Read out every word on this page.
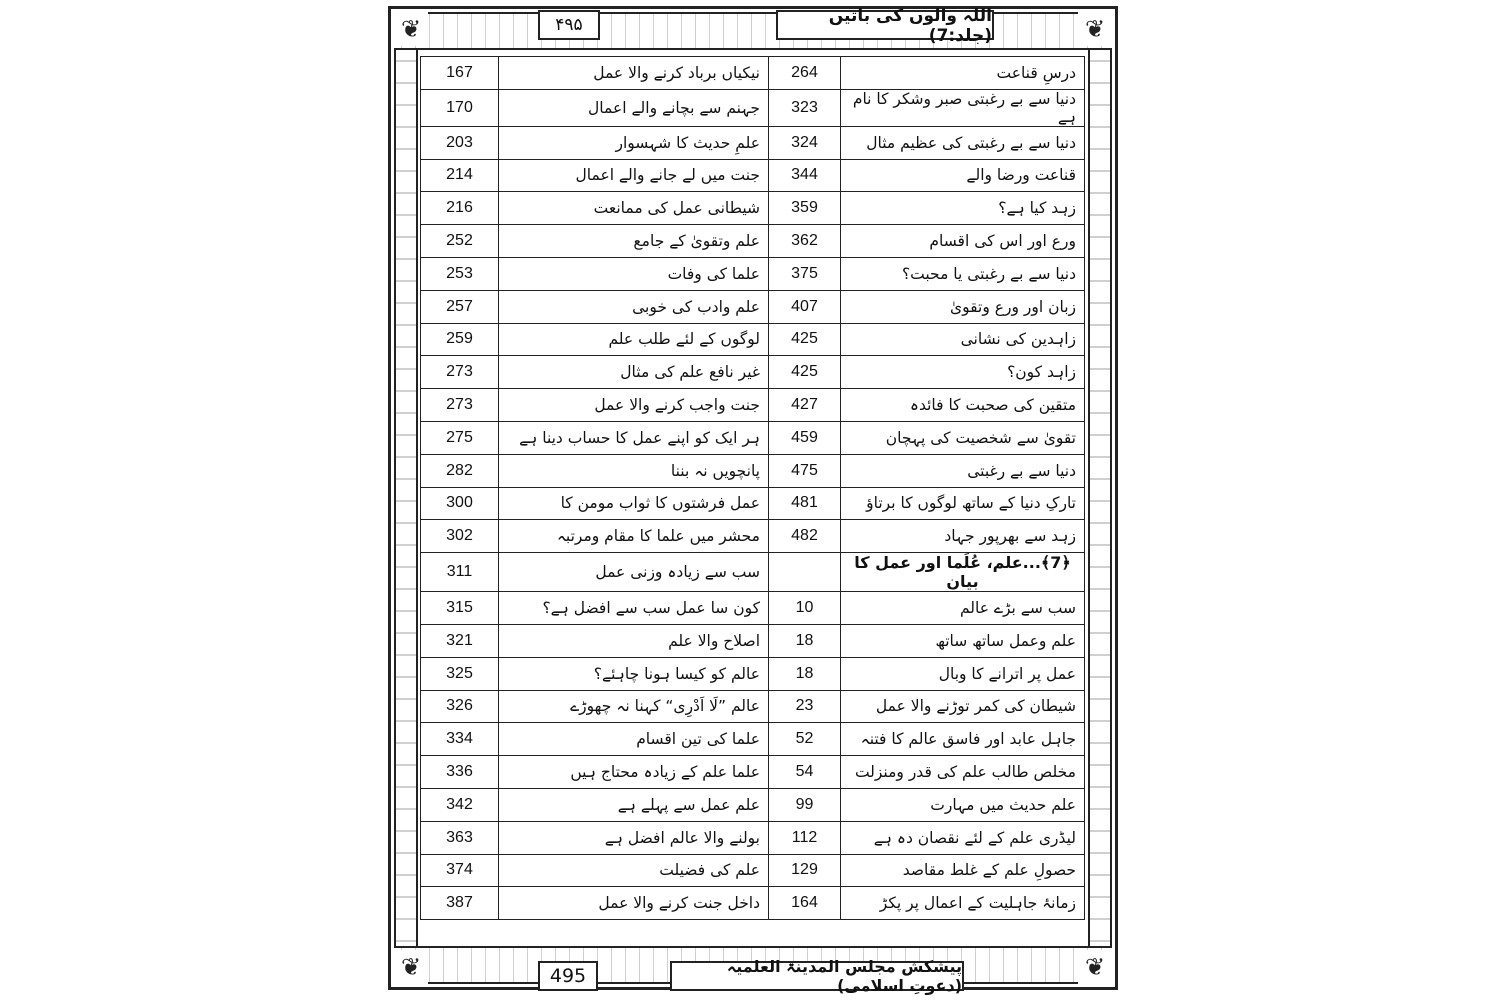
❦	❦
❦	❦
۴۹۵	اللہ والوں کی باتیں (جلد:7)
167	نیکیاں برباد کرنے والا عمل	264	درسِ قناعت
170	جہنم سے بچانے والے اعمال	323	دنیا سے بے رغبتی صبر وشکر کا نام ہے
203	علمِ حدیث کا شہسوار	324	دنیا سے بے رغبتی کی عظیم مثال
214	جنت میں لے جانے والے اعمال	344	قناعت ورضا والے
216	شیطانی عمل کی ممانعت	359	زہد کیا ہے؟
252	علم وتقویٰ کے جامع	362	ورع اور اس کی اقسام
253	علما کی وفات	375	دنیا سے بے رغبتی یا محبت؟
257	علم وادب کی خوبی	407	زبان اور ورع وتقویٰ
259	لوگوں کے لئے طلب علم	425	زاہدین کی نشانی
273	غیر نافع علم کی مثال	425	زاہد کون؟
273	جنت واجب کرنے والا عمل	427	متقین کی صحبت کا فائدہ
275	ہر ایک کو اپنے عمل کا حساب دینا ہے	459	تقویٰ سے شخصیت کی پہچان
282	پانچویں نہ بننا	475	دنیا سے بے رغبتی
300	عمل فرشتوں کا ثواب مومن کا	481	تارکِ دنیا کے ساتھ لوگوں کا برتاؤ
302	محشر میں علما کا مقام ومرتبہ	482	زہد سے بھرپور جہاد
311	سب سے زیادہ وزنی عمل		﴿7﴾...علم، عُلَما اور عمل کا بیان
315	کون سا عمل سب سے افضل ہے؟	10	سب سے بڑے عالم
321	اصلاح والا علم	18	علم وعمل ساتھ ساتھ
325	عالم کو کیسا ہونا چاہئے؟	18	عمل پر اترانے کا وبال
326	عالم ”لَا اَدْرِی“ کہنا نہ چھوڑے	23	شیطان کی کمر توڑنے والا عمل
334	علما کی تین اقسام	52	جاہل عابد اور فاسق عالم کا فتنہ
336	علما علم کے زیادہ محتاج ہیں	54	مخلص طالب علم کی قدر ومنزلت
342	علم عمل سے پہلے ہے	99	علم حدیث میں مہارت
363	بولنے والا عالم افضل ہے	112	لیڈری علم کے لئے نقصان دہ ہے
374	علم کی فضیلت	129	حصولِ علم کے غلط مقاصد
387	داخل جنت کرنے والا عمل	164	زمانۂ جاہلیت کے اعمال پر پکڑ
495	پیشکش مجلس المدینۃ العلمیہ (دعوتِ اسلامی)
